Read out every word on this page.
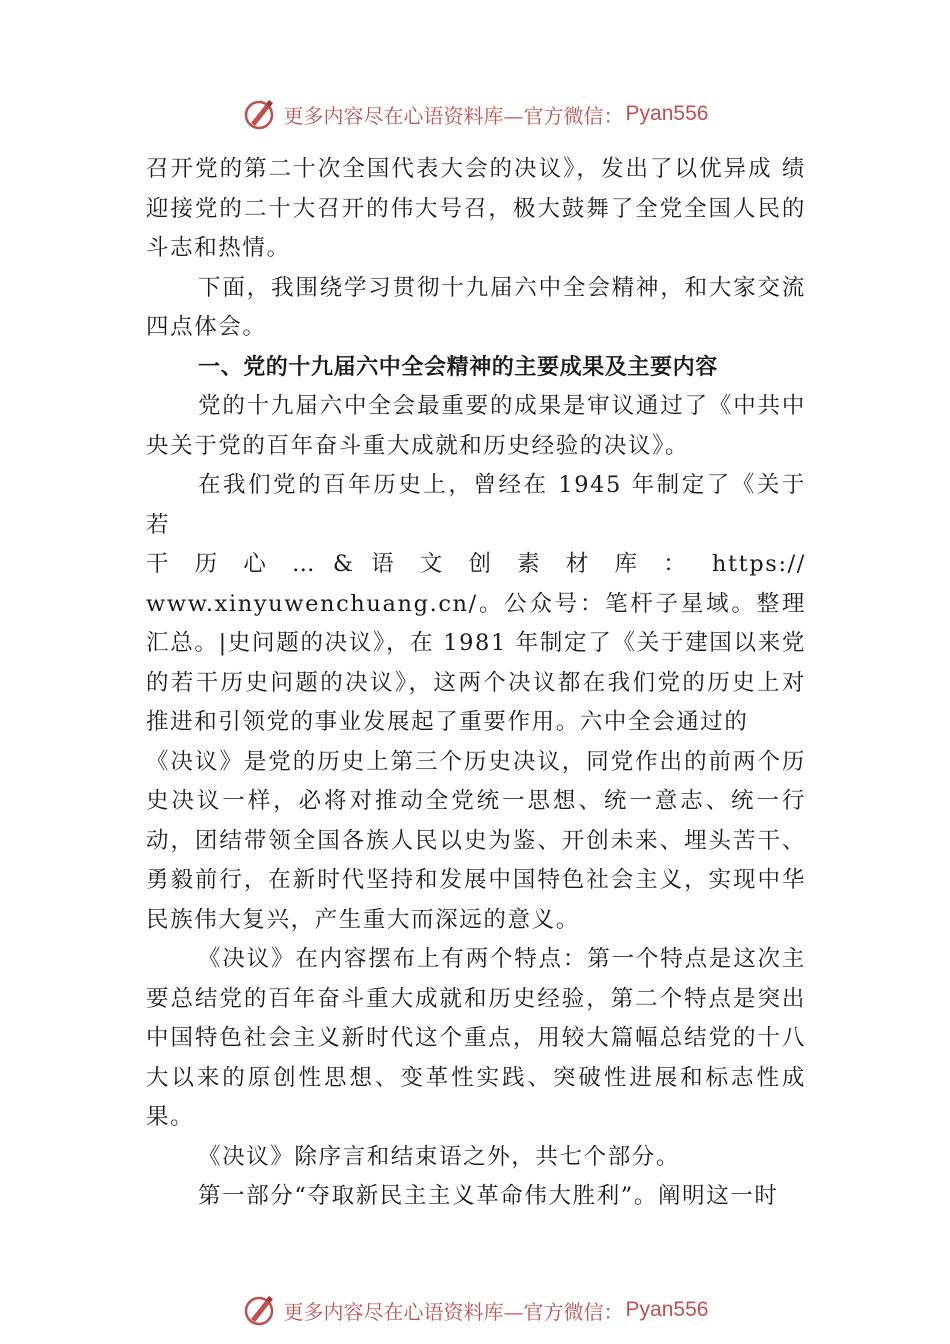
更多内容尽在心语资料库—官方微信： Pyan556

召开党的第二十次全国代表大会的决议》，发出了以优异成 绩迎接党的二十大召开的伟大号召，极大鼓舞了全党全国人民的斗志和热情。

下面，我围绕学习贯彻十九届六中全会精神，和大家交流四点体会。

一、党的十九届六中全会精神的主要成果及主要内容

党的十九届六中全会最重要的成果是审议通过了《中共中央关于党的百年奋斗重大成就和历史经验的决议》。

在我们党的百年历史上，曾经在 1945 年制定了《关于若

干 历 心 … & 语 文 创 素 材 库 ： https://

www.xinyuwenchuang.cn/。公众号：笔杆子星域。整理汇总。|史问题的决议》，在 1981 年制定了《关于建国以来党的若干历史问题的决议》，这两个决议都在我们党的历史上对 推进和引领党的事业发展起了重要作用。六中全会通过的

《决议》是党的历史上第三个历史决议，同党作出的前两个历史决议一样，必将对推动全党统一思想、统一意志、统一行动，团结带领全国各族人民以史为鉴、开创未来、埋头苦干、勇毅前行，在新时代坚持和发展中国特色社会主义，实现中华民族伟大复兴，产生重大而深远的意义。

《决议》在内容摆布上有两个特点：第一个特点是这次主要总结党的百年奋斗重大成就和历史经验，第二个特点是突出中国特色社会主义新时代这个重点，用较大篇幅总结党的十八大以来的原创性思想、变革性实践、突破性进展和标志性成果。

《决议》除序言和结束语之外，共七个部分。

第一部分“夺取新民主主义革命伟大胜利”。阐明这一时

更多内容尽在心语资料库—官方微信： Pyan556
